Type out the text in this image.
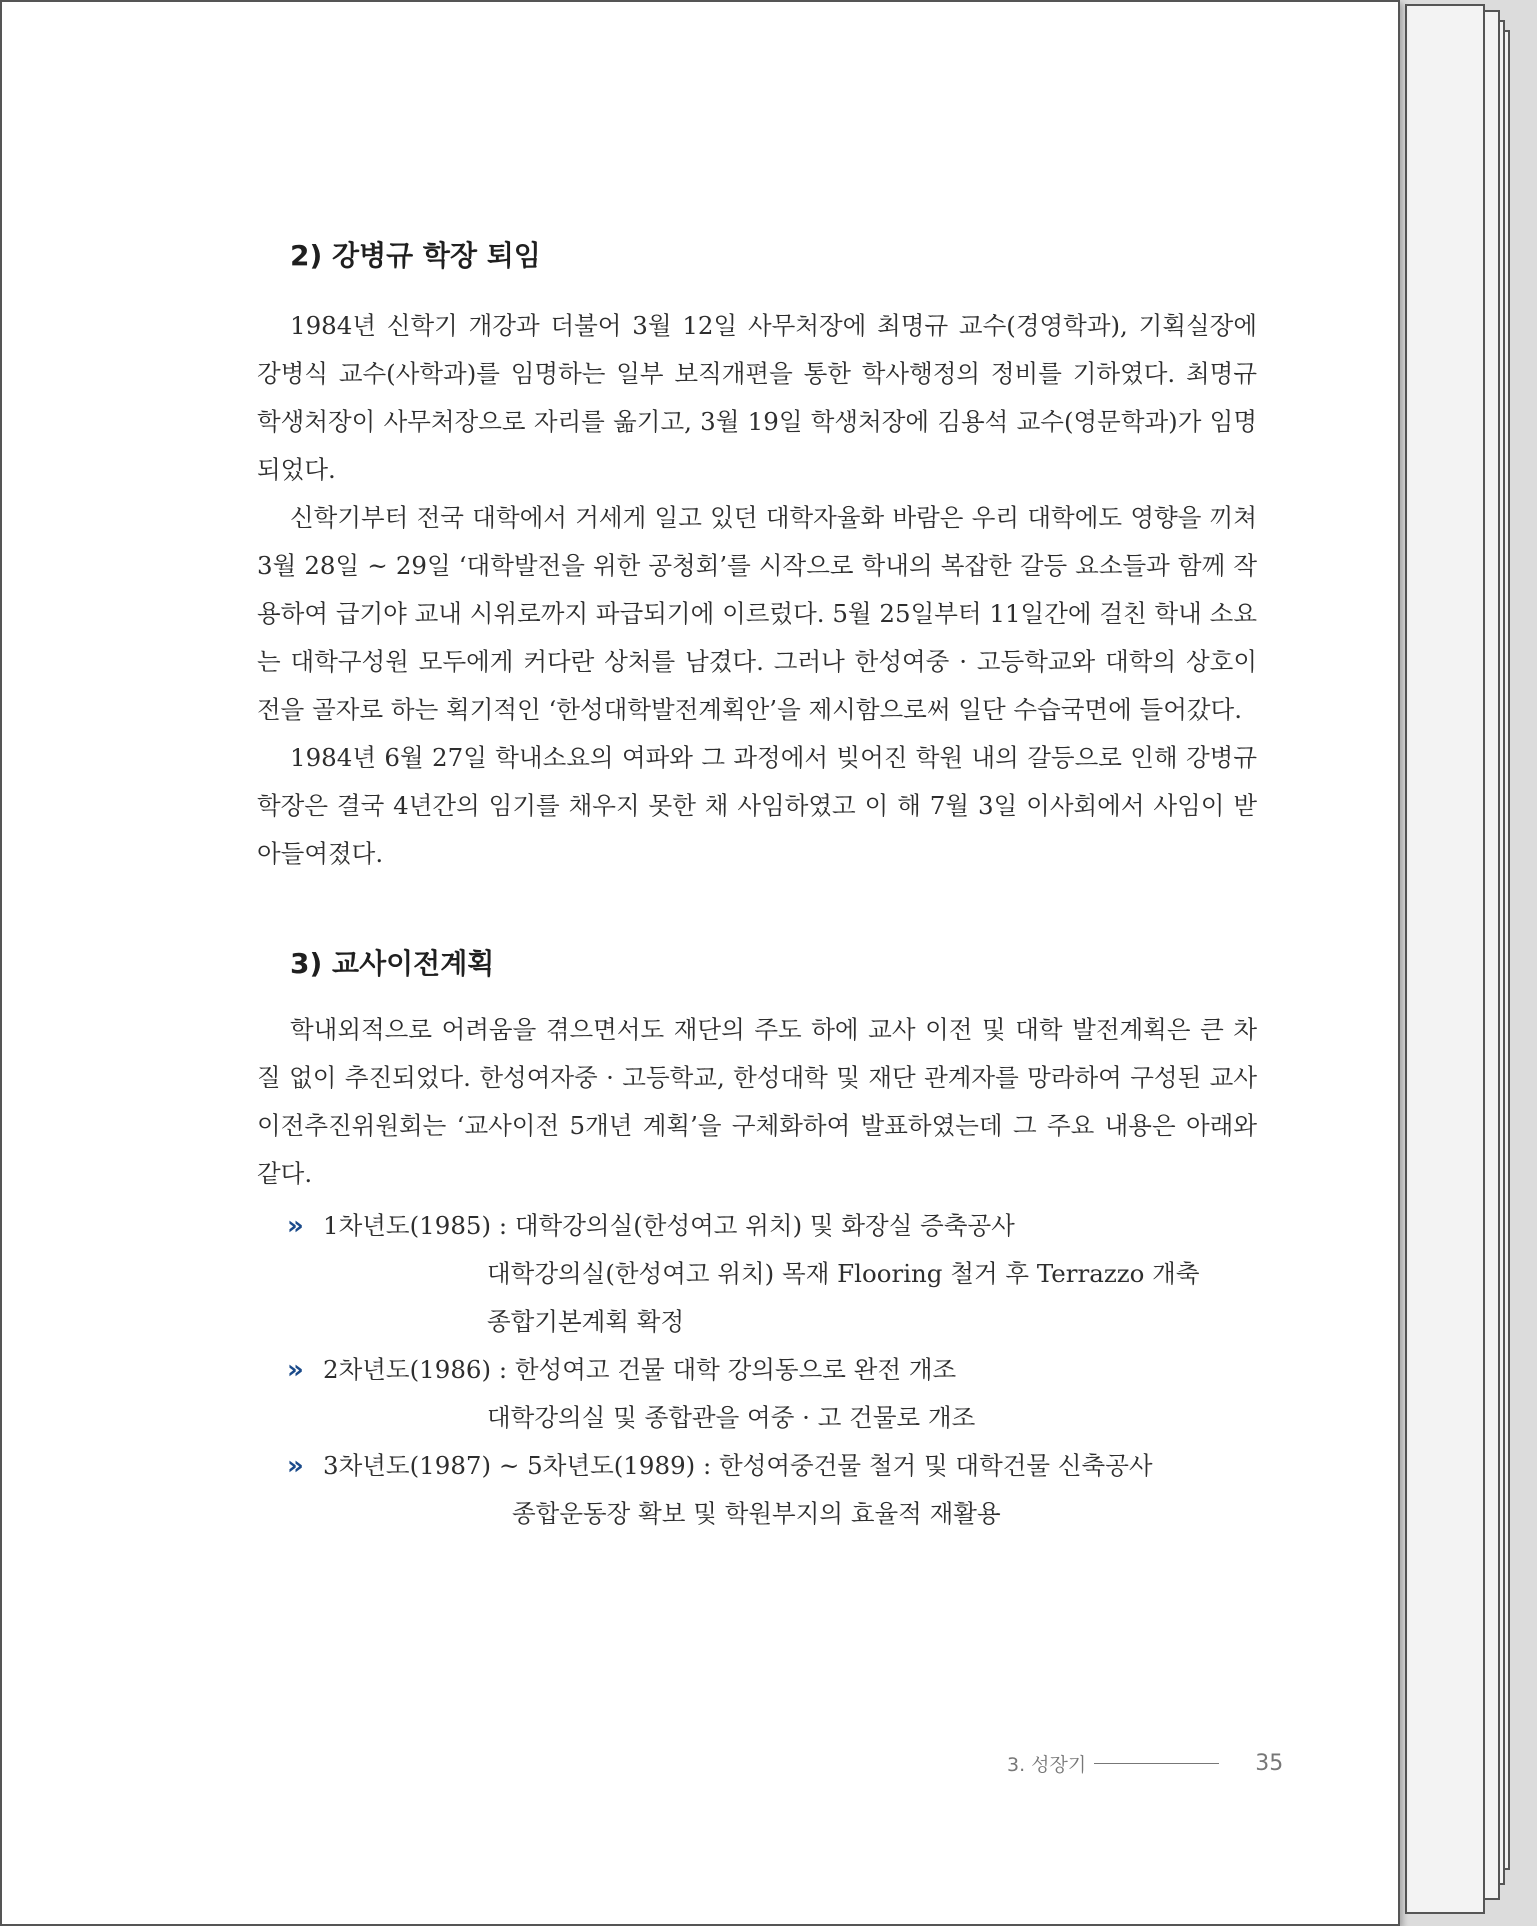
2) 강병규 학장 퇴임

1984년 신학기 개강과 더불어 3월 12일 사무처장에 최명규 교수(경영학과), 기획실장에 강병식 교수(사학과)를 임명하는 일부 보직개편을 통한 학사행정의 정비를 기하였다. 최명규 학생처장이 사무처장으로 자리를 옮기고, 3월 19일 학생처장에 김용석 교수(영문학과)가 임명되었다.

신학기부터 전국 대학에서 거세게 일고 있던 대학자율화 바람은 우리 대학에도 영향을 끼쳐 3월 28일 ~ 29일 ‘대학발전을 위한 공청회’를 시작으로 학내의 복잡한 갈등 요소들과 함께 작용하여 급기야 교내 시위로까지 파급되기에 이르렀다. 5월 25일부터 11일간에 걸친 학내 소요는 대학구성원 모두에게 커다란 상처를 남겼다. 그러나 한성여중 · 고등학교와 대학의 상호이전을 골자로 하는 획기적인 ‘한성대학발전계획안’을 제시함으로써 일단 수습국면에 들어갔다.

1984년 6월 27일 학내소요의 여파와 그 과정에서 빚어진 학원 내의 갈등으로 인해 강병규 학장은 결국 4년간의 임기를 채우지 못한 채 사임하였고 이 해 7월 3일 이사회에서 사임이 받아들여졌다.

3) 교사이전계획

학내외적으로 어려움을 겪으면서도 재단의 주도 하에 교사 이전 및 대학 발전계획은 큰 차질 없이 추진되었다. 한성여자중 · 고등학교, 한성대학 및 재단 관계자를 망라하여 구성된 교사이전추진위원회는 ‘교사이전 5개년 계획’을 구체화하여 발표하였는데 그 주요 내용은 아래와 같다.

» 1차년도(1985) : 대학강의실(한성여고 위치) 및 화장실 증축공사
대학강의실(한성여고 위치) 목재 Flooring 철거 후 Terrazzo 개축
종합기본계획 확정
» 2차년도(1986) : 한성여고 건물 대학 강의동으로 완전 개조
대학강의실 및 종합관을 여중 · 고 건물로 개조
» 3차년도(1987) ~ 5차년도(1989) : 한성여중건물 철거 및 대학건물 신축공사
종합운동장 확보 및 학원부지의 효율적 재활용
3. 성장기	35
